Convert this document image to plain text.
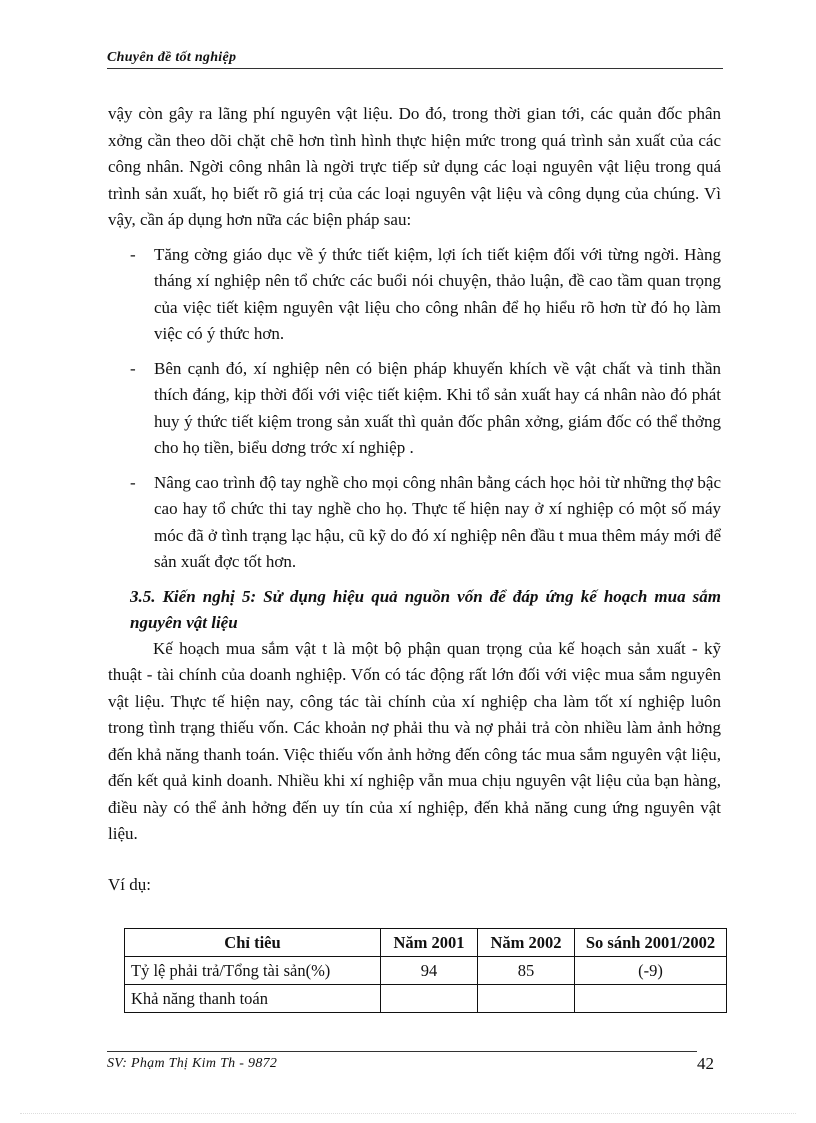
Chuyên đề tốt nghiệp

vậy còn gây ra lãng phí nguyên vật liệu. Do đó, trong thời gian tới, các quản đốc phân xởng cần theo dõi chặt chẽ hơn tình hình thực hiện mức trong quá trình sản xuất của các công nhân. Ngời công nhân là ngời trực tiếp sử dụng các loại nguyên vật liệu trong quá trình sản xuất, họ biết rõ giá trị của các loại nguyên vật liệu và công dụng của chúng. Vì vậy, cần áp dụng hơn nữa các biện pháp sau:

- Tăng cờng giáo dục về ý thức tiết kiệm, lợi ích tiết kiệm đối với từng ngời. Hàng tháng xí nghiệp nên tổ chức các buổi nói chuyện, thảo luận, đề cao tầm quan trọng của việc tiết kiệm nguyên vật liệu cho công nhân để họ hiểu rõ hơn từ đó họ làm việc có ý thức hơn.
- Bên cạnh đó, xí nghiệp nên có biện pháp khuyến khích về vật chất và tinh thần thích đáng, kịp thời đối với việc tiết kiệm. Khi tổ sản xuất hay cá nhân nào đó phát huy ý thức tiết kiệm trong sản xuất thì quản đốc phân xởng, giám đốc có thể thởng cho họ tiền, biểu dơng trớc xí nghiệp .
- Nâng cao trình độ tay nghề cho mọi công nhân bằng cách học hỏi từ những thợ bậc cao hay tổ chức thi tay nghề cho họ. Thực tế hiện nay ở xí nghiệp có một số máy móc đã ở tình trạng lạc hậu, cũ kỹ do đó xí nghiệp nên đầu t mua thêm máy mới để sản xuất đợc tốt hơn.

3.5. Kiến nghị 5: Sử dụng hiệu quả nguồn vốn để đáp ứng kế hoạch mua sắm nguyên vật liệu

Kế hoạch mua sắm vật t là một bộ phận quan trọng của kế hoạch sản xuất - kỹ thuật - tài chính của doanh nghiệp. Vốn có tác động rất lớn đối với việc mua sắm nguyên vật liệu. Thực tế hiện nay, công tác tài chính của xí nghiệp cha làm tốt xí nghiệp luôn trong tình trạng thiếu vốn. Các khoản nợ phải thu và nợ phải trả còn nhiều làm ảnh hởng đến khả năng thanh toán. Việc thiếu vốn ảnh hởng đến công tác mua sắm nguyên vật liệu, đến kết quả kinh doanh. Nhiều khi xí nghiệp vẫn mua chịu nguyên vật liệu của bạn hàng, điều này có thể ảnh hởng đến uy tín của xí nghiệp, đến khả năng cung ứng nguyên vật liệu.

Ví dụ:

Chỉ tiêu	Năm 2001	Năm 2002	So sánh 2001/2002
Tỷ lệ phải trả/Tổng tài sản(%)	94	85	(-9)
Khả năng thanh toán			
SV: Phạm Thị Kim Th - 9872	42
